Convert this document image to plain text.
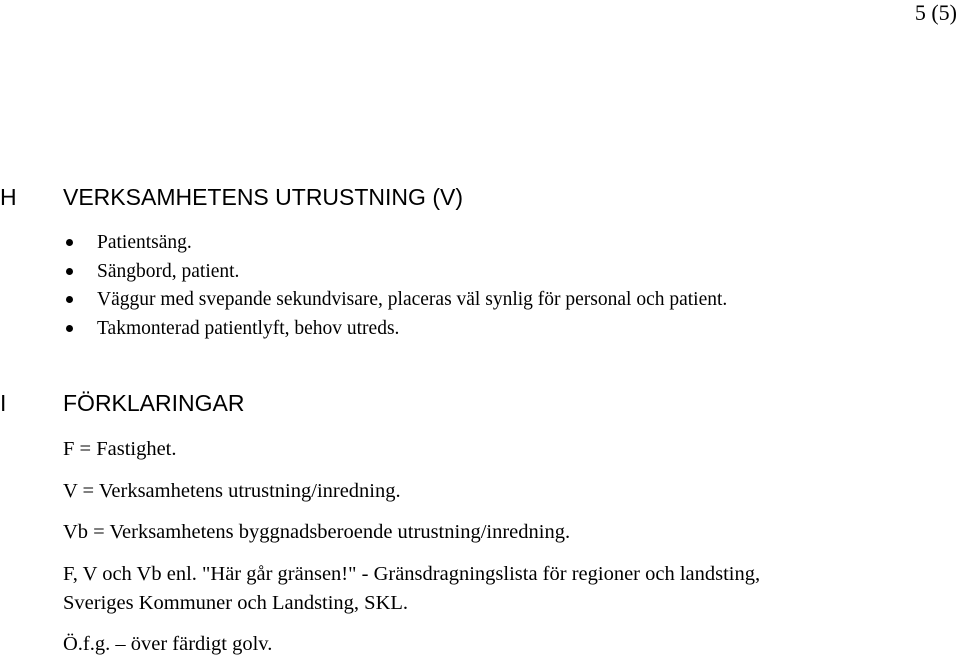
5 (5)
H VERKSAMHETENS UTRUSTNING (V)
Patientsäng.
Sängbord, patient.
Väggur med svepande sekundvisare, placeras väl synlig för personal och patient.
Takmonterad patientlyft, behov utreds.
I FÖRKLARINGAR
F = Fastighet.
V = Verksamhetens utrustning/inredning.
Vb = Verksamhetens byggnadsberoende utrustning/inredning.
F, V och Vb enl. "Här går gränsen!" - Gränsdragningslista för regioner och landsting,
Sveriges Kommuner och Landsting, SKL.
Ö.f.g. – över färdigt golv.
